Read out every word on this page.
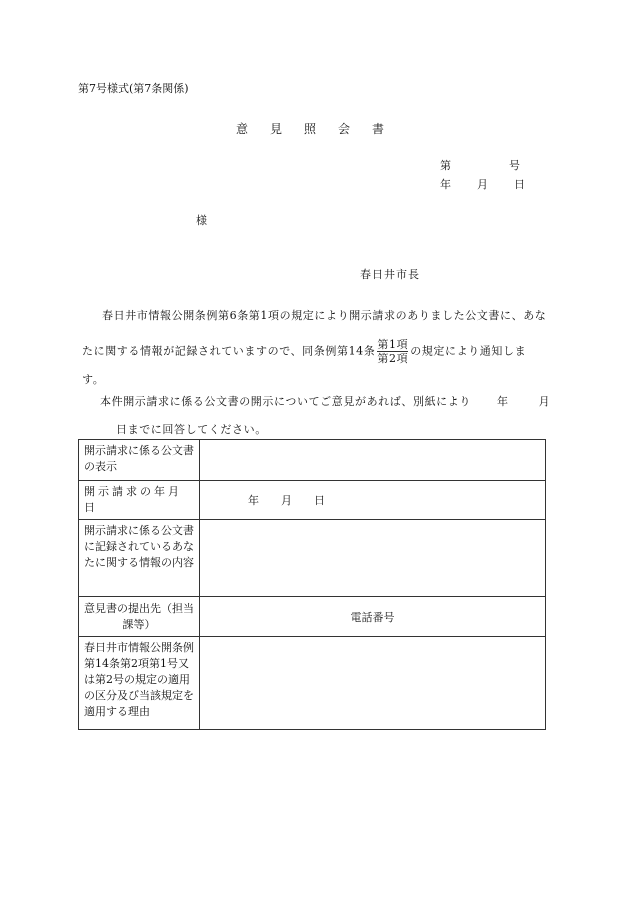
第7号様式(第7条関係)
意見照会書
第	号
年 月 日
様
春日井市長
春日井市情報公開条例第6条第1項の規定により開示請求のありました公文書に、あな
たに関する情報が記録されていますので、同条例第14条 $\frac{\text{第1項}}{\text{第2項}}$ の規定により通知しま
す。
本件開示請求に係る公文書の開示についてご意見があれば、別紙により 年	月
日までに回答してください。
開示請求に係る公文書の表示	
開示請求の年月日	年　　月　　日
開示請求に係る公文書に記録されているあなたに関する情報の内容	
意見書の提出先（担当課等）	電話番号
春日井市情報公開条例第14条第2項第1号又は第2号の規定の適用の区分及び当該規定を適用する理由	
